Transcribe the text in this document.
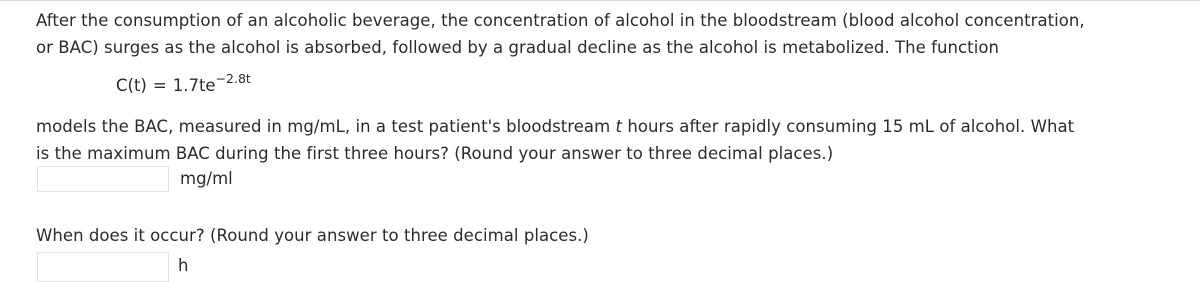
After the consumption of an alcoholic beverage, the concentration of alcohol in the bloodstream (blood alcohol concentration,
or BAC) surges as the alcohol is absorbed, followed by a gradual decline as the alcohol is metabolized. The function
$C(t) = 1.7te^{-2.8t}$
models the BAC, measured in mg/mL, in a test patient's bloodstream t hours after rapidly consuming 15 mL of alcohol. What
is the maximum BAC during the first three hours? (Round your answer to three decimal places.)
mg/ml
When does it occur? (Round your answer to three decimal places.)
h
